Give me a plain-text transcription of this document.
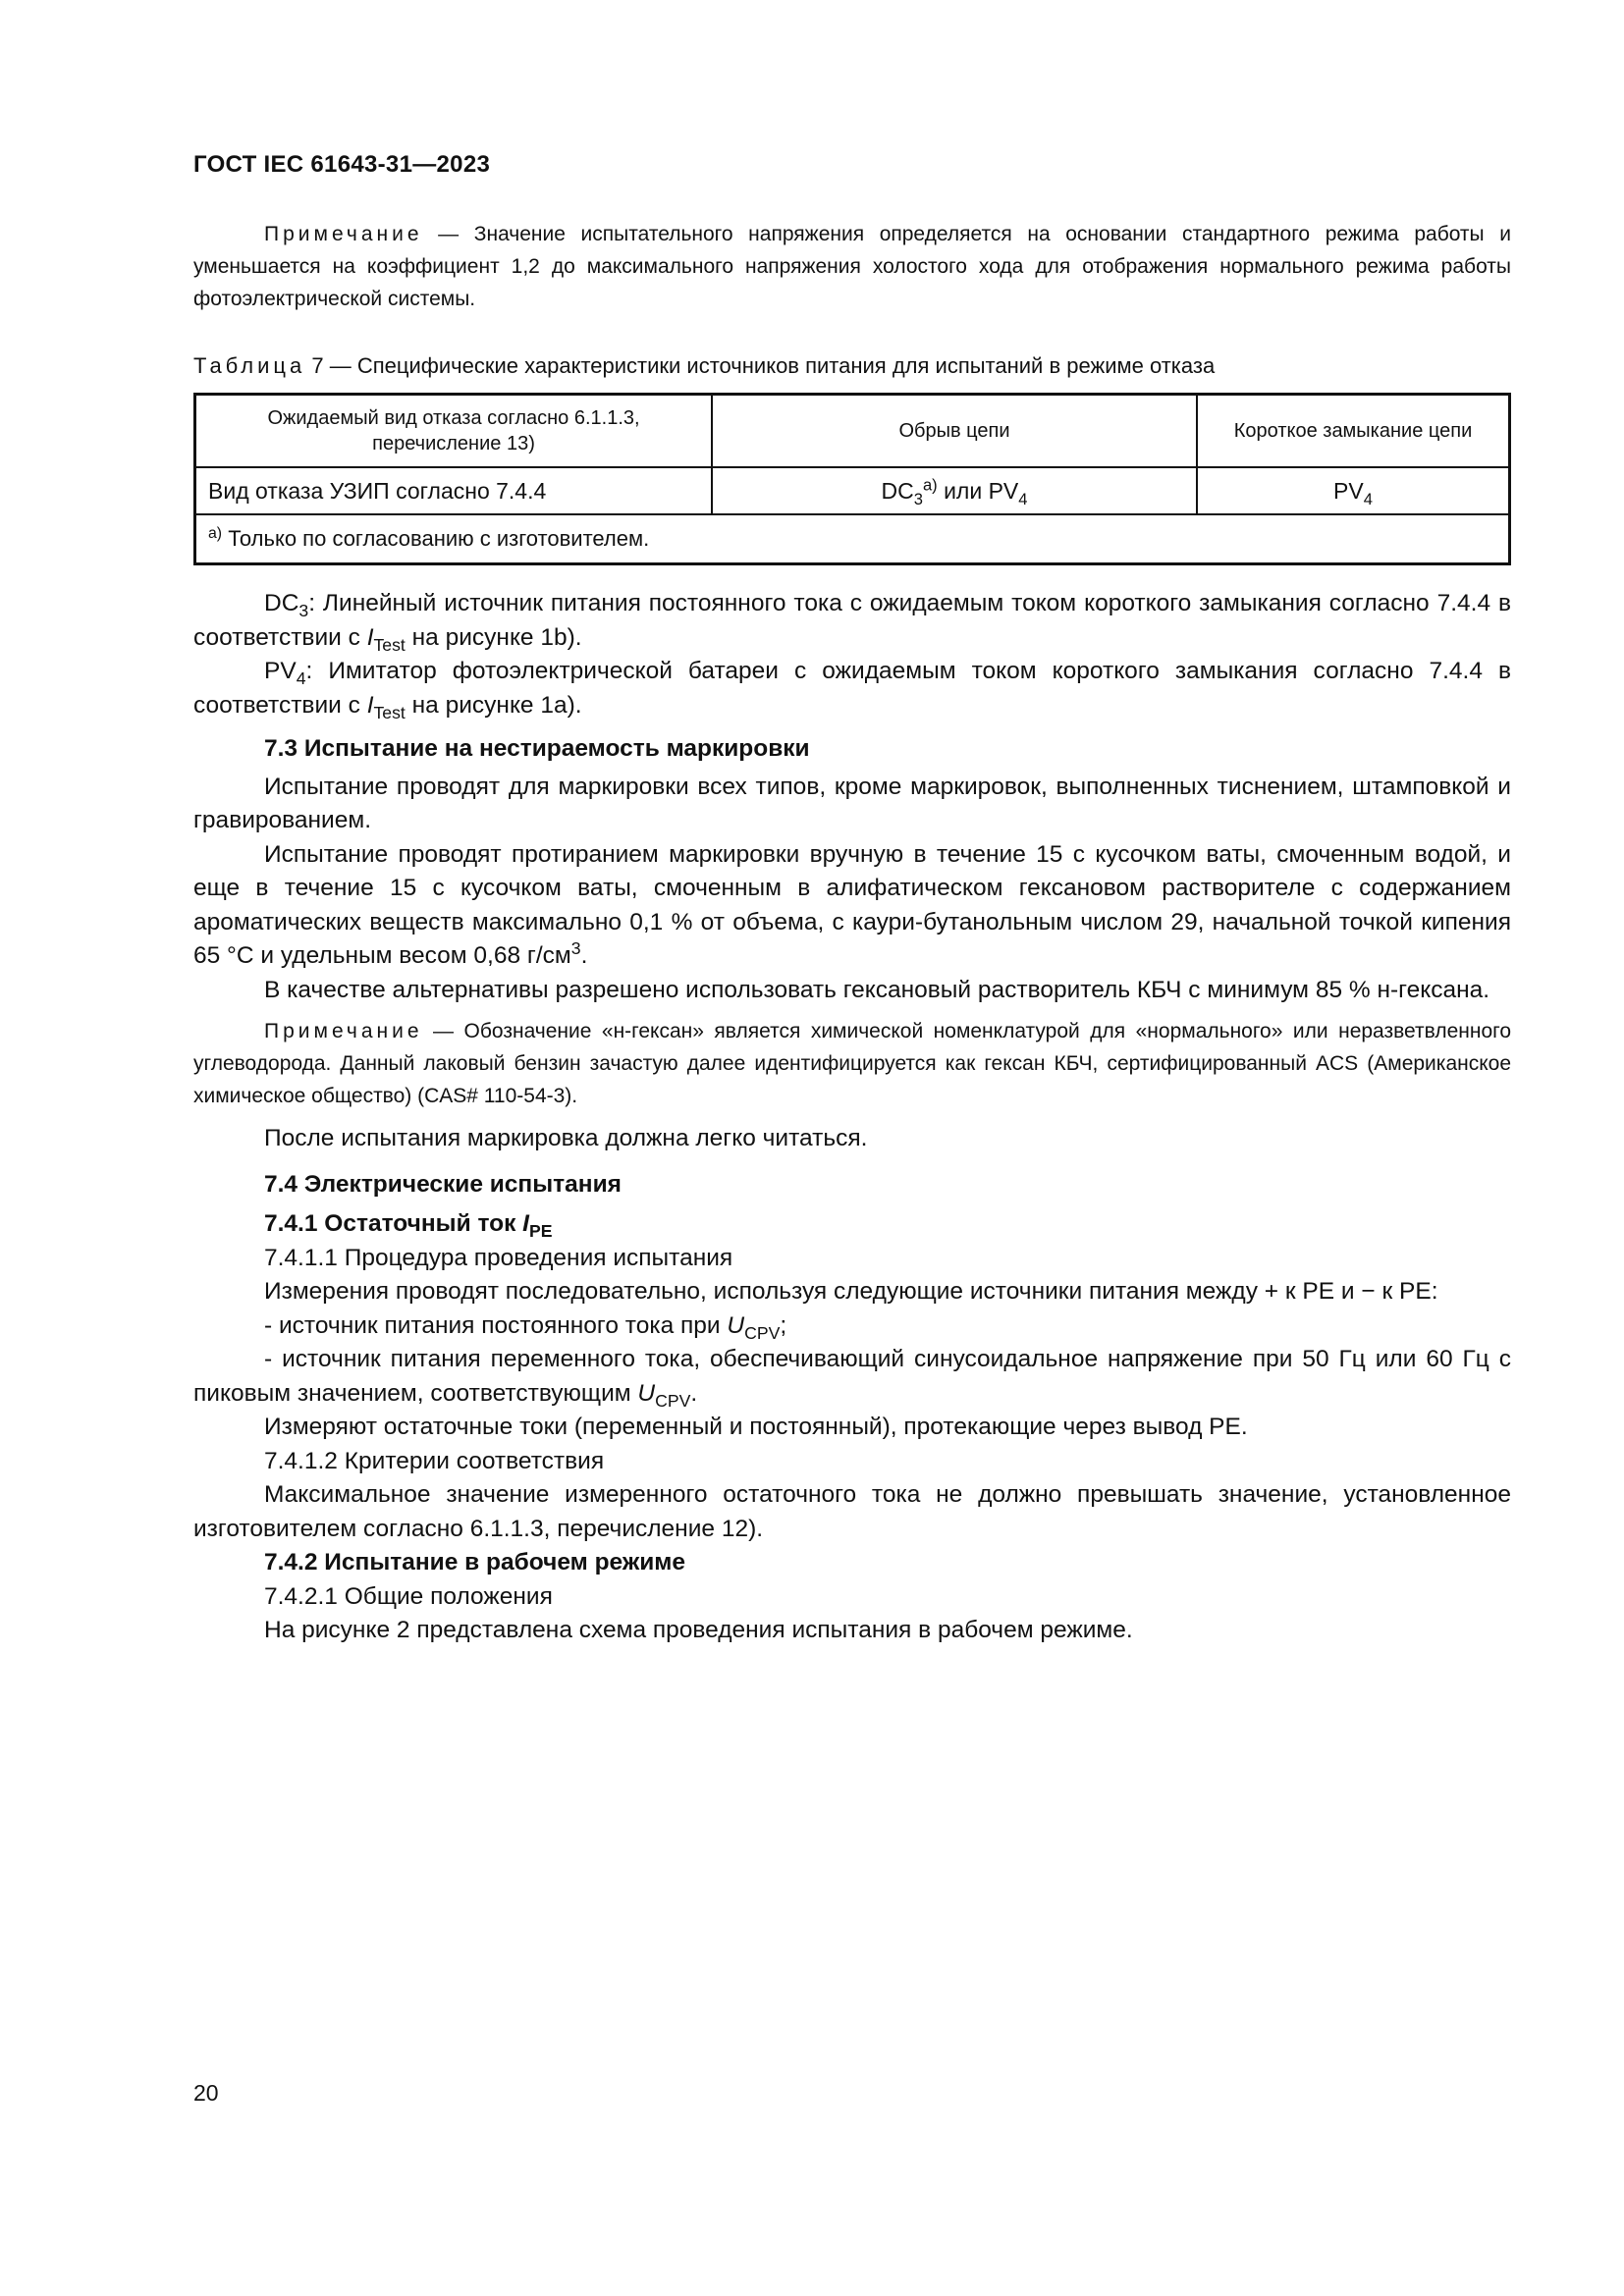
ГОСТ IEC 61643-31—2023
Примечание — Значение испытательного напряжения определяется на основании стандартного режима работы и уменьшается на коэффициент 1,2 до максимального напряжения холостого хода для отображения нормального режима работы фотоэлектрической системы.
Таблица 7 — Специфические характеристики источников питания для испытаний в режиме отказа
Ожидаемый вид отказа согласно 6.1.1.3, перечисление 13)	Обрыв цепи	Короткое замыкание цепи
Вид отказа УЗИП согласно 7.4.4	$DC_3^{а)}$ или $PV_4$	$PV_4$
$^{а)}$ Только по согласованию с изготовителем.		

$DC_3$: Линейный источник питания постоянного тока с ожидаемым током короткого замыкания согласно 7.4.4 в соответствии с $I_{Test}$ на рисунке 1b).

$PV_4$: Имитатор фотоэлектрической батареи с ожидаемым током короткого замыкания согласно 7.4.4 в соответствии с $I_{Test}$ на рисунке 1а).

7.3 Испытание на нестираемость маркировки

Испытание проводят для маркировки всех типов, кроме маркировок, выполненных тиснением, штамповкой и гравированием.

Испытание проводят протиранием маркировки вручную в течение 15 с кусочком ваты, смоченным водой, и еще в течение 15 с кусочком ваты, смоченным в алифатическом гексановом растворителе с содержанием ароматических веществ максимально 0,1 % от объема, с каури-бутанольным числом 29, начальной точкой кипения 65 °С и удельным весом 0,68 $г/см^3$.

В качестве альтернативы разрешено использовать гексановый растворитель КБЧ с минимум 85 % н-гексана.

Примечание — Обозначение «н-гексан» является химической номенклатурой для «нормального» или неразветвленного углеводорода. Данный лаковый бензин зачастую далее идентифицируется как гексан КБЧ, сертифицированный ACS (Американское химическое общество) (CAS# 110-54-3).

После испытания маркировка должна легко читаться.

7.4 Электрические испытания

7.4.1 Остаточный ток $I_{PE}$

7.4.1.1 Процедура проведения испытания

Измерения проводят последовательно, используя следующие источники питания между + к РЕ и − к РЕ:

- источник питания постоянного тока при $U_{CPV}$;

- источник питания переменного тока, обеспечивающий синусоидальное напряжение при 50 Гц или 60 Гц с пиковым значением, соответствующим $U_{CPV}$.

Измеряют остаточные токи (переменный и постоянный), протекающие через вывод РЕ.

7.4.1.2 Критерии соответствия

Максимальное значение измеренного остаточного тока не должно превышать значение, установленное изготовителем согласно 6.1.1.3, перечисление 12).

7.4.2 Испытание в рабочем режиме

7.4.2.1 Общие положения

На рисунке 2 представлена схема проведения испытания в рабочем режиме.

20
